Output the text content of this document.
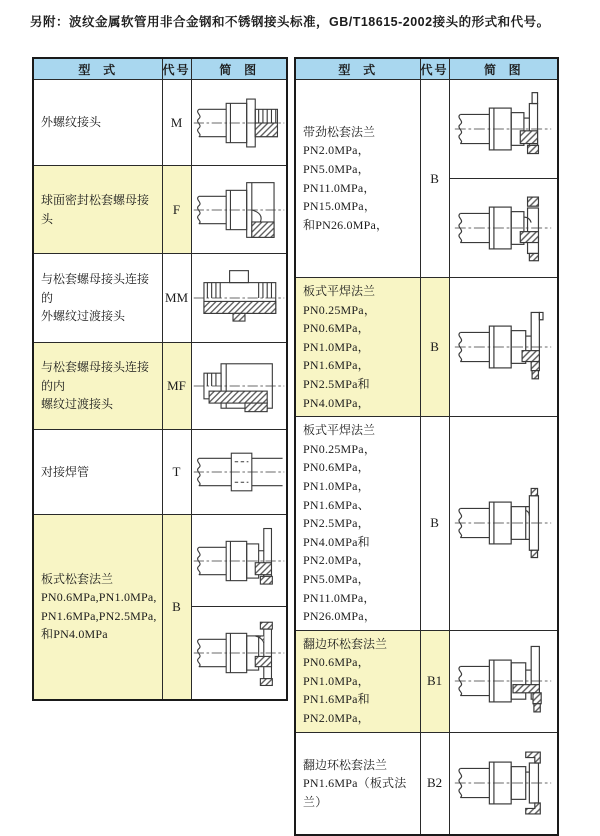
另附：波纹金属软管用非合金钢和不锈钢接头标准，GB/T18615-2002接头的形式和代号。
型  式	代号	简  图

外螺纹接头	M	

球面密封松套螺母接头	F	

与松套螺母接头连接的
外螺纹过渡接头	MM	

与松套螺母接头连接的内
螺纹过渡接头	MF	

对接焊管	T	

板式松套法兰
PN0.6MPa,PN1.0MPa,
PN1.6MPa,PN2.5MPa,
和PN4.0MPa	B	

型  式	代号	简  图

带劲松套法兰
PN2.0MPa，PN5.0MPa，
PN11.0MPa，PN15.0MPa，
和PN26.0MPa，	B	

板式平焊法兰
PN0.25MPa，PN0.6MPa，
PN1.0MPa，PN1.6MPa，
PN2.5MPa和PN4.0MPa，	B	

板式平焊法兰
PN0.25MPa，PN0.6MPa，
PN1.0MPa，PN1.6MPa、
PN2.5MPa，PN4.0MPa和
PN2.0MPa，PN5.0MPa，
PN11.0MPa，PN26.0MPa，
	B	

翻边环松套法兰
PN0.6MPa，PN1.0MPa，
PN1.6MPa和PN2.0MPa，	B1	

翻边环松套法兰
PN1.6MPa（板式法兰）	B2	
